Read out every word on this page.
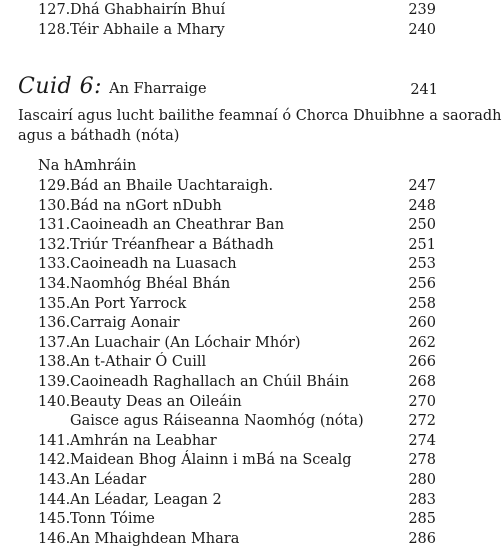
127. Dhá Ghabhairín Bhuí	239
128. Téir Abhaile a Mhary	240
Cuid 6: An Fharraige	241
Iascairí agus lucht bailithe feamnaí ó Chorca Dhuibhne a saoradh
agus a báthadh (nóta)
Na hAmhráin
129. Bád an Bhaile Uachtaraigh.	247
130. Bád na nGort nDubh	248
131. Caoineadh an Cheathrar Ban	250
132. Triúr Tréanfhear a Báthadh	251
133. Caoineadh na Luasach	253
134. Naomhóg Bhéal Bhán	256
135. An Port Yarrock	258
136. Carraig Aonair	260
137. An Luachair (An Lóchair Mhór)	262
138. An t-Athair Ó Cuill	266
139. Caoineadh Raghallach an Chúil Bháin	268
140. Beauty Deas an Oileáin	270
Gaisce agus Ráiseanna Naomhóg (nóta)	272
141. Amhrán na Leabhar	274
142. Maidean Bhog Álainn i mBá na Scealg	278
143. An Léadar	280
144. An Léadar, Leagan 2	283
145. Tonn Tóime	285
146. An Mhaighdean Mhara	286
